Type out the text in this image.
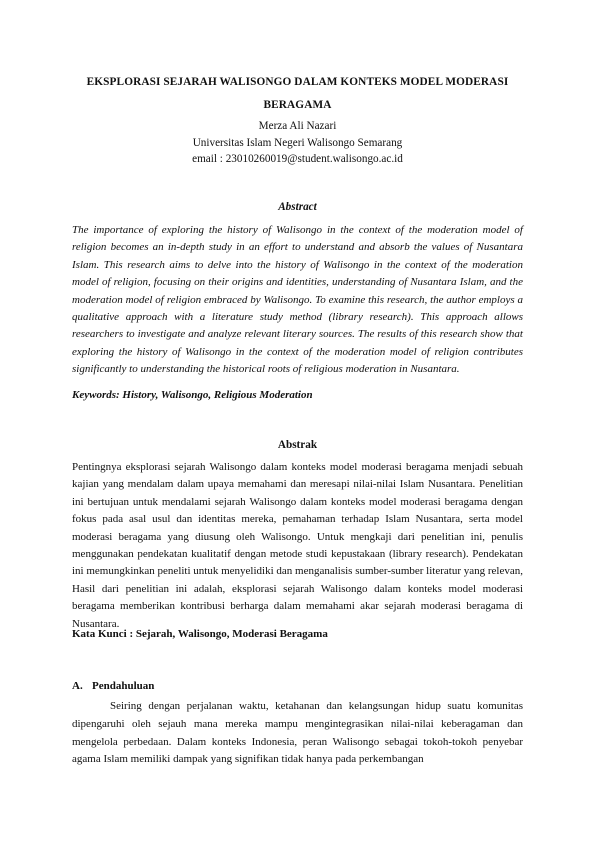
EKSPLORASI SEJARAH WALISONGO DALAM KONTEKS MODEL MODERASI BERAGAMA
Merza Ali Nazari
Universitas Islam Negeri Walisongo Semarang
email : 23010260019@student.walisongo.ac.id
Abstract
The importance of exploring the history of Walisongo in the context of the moderation model of religion becomes an in-depth study in an effort to understand and absorb the values of Nusantara Islam. This research aims to delve into the history of Walisongo in the context of the moderation model of religion, focusing on their origins and identities, understanding of Nusantara Islam, and the moderation model of religion embraced by Walisongo. To examine this research, the author employs a qualitative approach with a literature study method (library research). This approach allows researchers to investigate and analyze relevant literary sources. The results of this research show that exploring the history of Walisongo in the context of the moderation model of religion contributes significantly to understanding the historical roots of religious moderation in Nusantara.
Keywords: History, Walisongo, Religious Moderation
Abstrak
Pentingnya eksplorasi sejarah Walisongo dalam konteks model moderasi beragama menjadi sebuah kajian yang mendalam dalam upaya memahami dan meresapi nilai-nilai Islam Nusantara. Penelitian ini bertujuan untuk mendalami sejarah Walisongo dalam konteks model moderasi beragama dengan fokus pada asal usul dan identitas mereka, pemahaman terhadap Islam Nusantara, serta model moderasi beragama yang diusung oleh Walisongo. Untuk mengkaji dari penelitian ini, penulis menggunakan pendekatan kualitatif dengan metode studi kepustakaan (library research). Pendekatan ini memungkinkan peneliti untuk menyelidiki dan menganalisis sumber-sumber literatur yang relevan, Hasil dari penelitian ini adalah, eksplorasi sejarah Walisongo dalam konteks model moderasi beragama memberikan kontribusi berharga dalam memahami akar sejarah moderasi beragama di Nusantara.
Kata Kunci : Sejarah, Walisongo, Moderasi Beragama
A. Pendahuluan
Seiring dengan perjalanan waktu, ketahanan dan kelangsungan hidup suatu komunitas dipengaruhi oleh sejauh mana mereka mampu mengintegrasikan nilai-nilai keberagaman dan mengelola perbedaan. Dalam konteks Indonesia, peran Walisongo sebagai tokoh-tokoh penyebar agama Islam memiliki dampak yang signifikan tidak hanya pada perkembangan
